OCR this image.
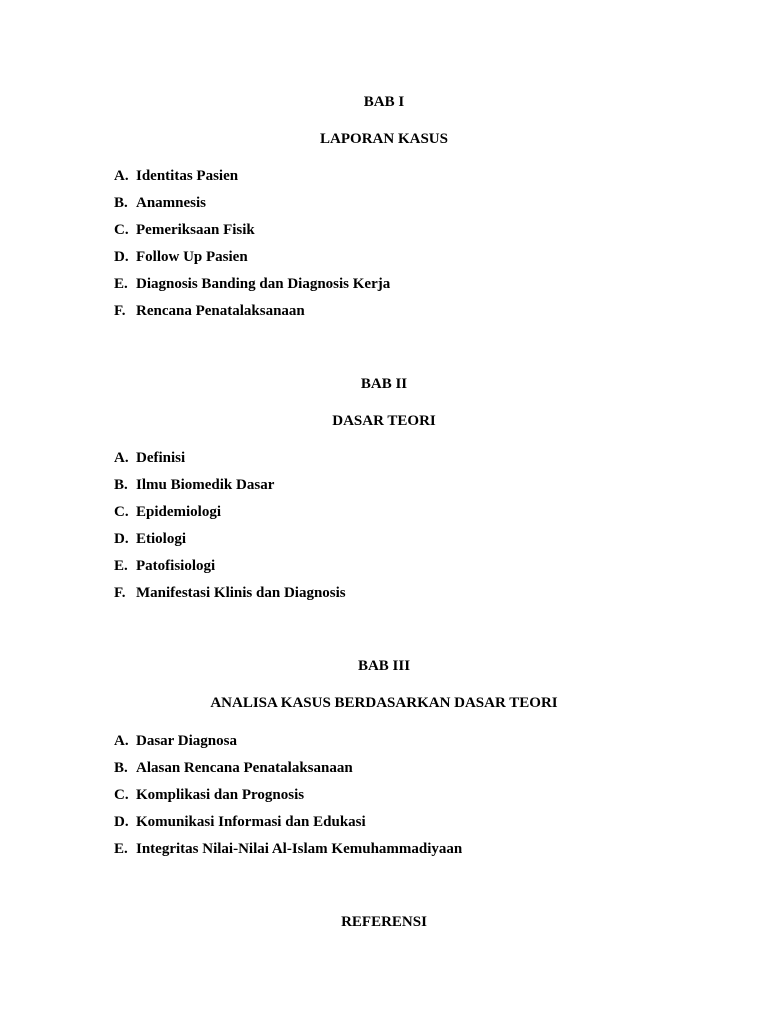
BAB I
LAPORAN KASUS
A. Identitas Pasien
B. Anamnesis
C. Pemeriksaan Fisik
D. Follow Up Pasien
E. Diagnosis Banding dan Diagnosis Kerja
F. Rencana Penatalaksanaan
BAB II
DASAR TEORI
A. Definisi
B. Ilmu Biomedik Dasar
C. Epidemiologi
D. Etiologi
E. Patofisiologi
F. Manifestasi Klinis dan Diagnosis
BAB III
ANALISA KASUS BERDASARKAN DASAR TEORI
A. Dasar Diagnosa
B. Alasan Rencana Penatalaksanaan
C. Komplikasi dan Prognosis
D. Komunikasi Informasi dan Edukasi
E. Integritas Nilai-Nilai Al-Islam Kemuhammadiyaan
REFERENSI
